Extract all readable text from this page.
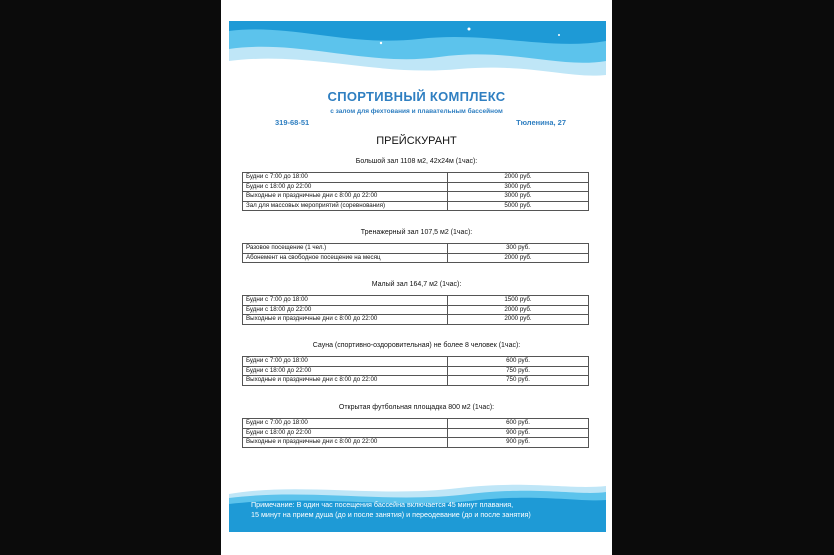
СПОРТИВНЫЙ КОМПЛЕКС
с залом для фехтования и плавательным бассейном
319-68-51	Тюленина, 27
ПРЕЙСКУРАНТ
Большой зал 1108 м2, 42х24м (1час):
Будни с 7:00 до 18:00	2000 руб.
Будни с 18:00 до 22:00	3000 руб.
Выходные и праздничные дни с 8:00 до 22:00	3000 руб.
Зал для массовых мероприятий (соревнования)	5000 руб.
Тренажерный зал 107,5 м2 (1час):
Разовое посещение (1 чел.)	300 руб.
Абонемент на свободное посещение на месяц	2000 руб.
Малый зал 164,7 м2 (1час):
Будни с 7:00 до 18:00	1500 руб.
Будни с 18:00 до 22:00	2000 руб.
Выходные и праздничные дни с 8:00 до 22:00	2000 руб.
Сауна (спортивно-оздоровительная) не более 8 человек (1час):
Будни с 7:00 до 18:00	600 руб.
Будни с 18:00 до 22:00	750 руб.
Выходные и праздничные дни с 8:00 до 22:00	750 руб.
Открытая футбольная площадка 800 м2 (1час):
Будни с 7:00 до 18:00	600 руб.
Будни с 18:00 до 22:00	900 руб.
Выходные и праздничные дни с 8:00 до 22:00	900 руб.
Примечание: В один час посещения бассейна включается 45 минут плавания,
15 минут на прием душа (до и после занятия) и переодевание (до и после занятия)
